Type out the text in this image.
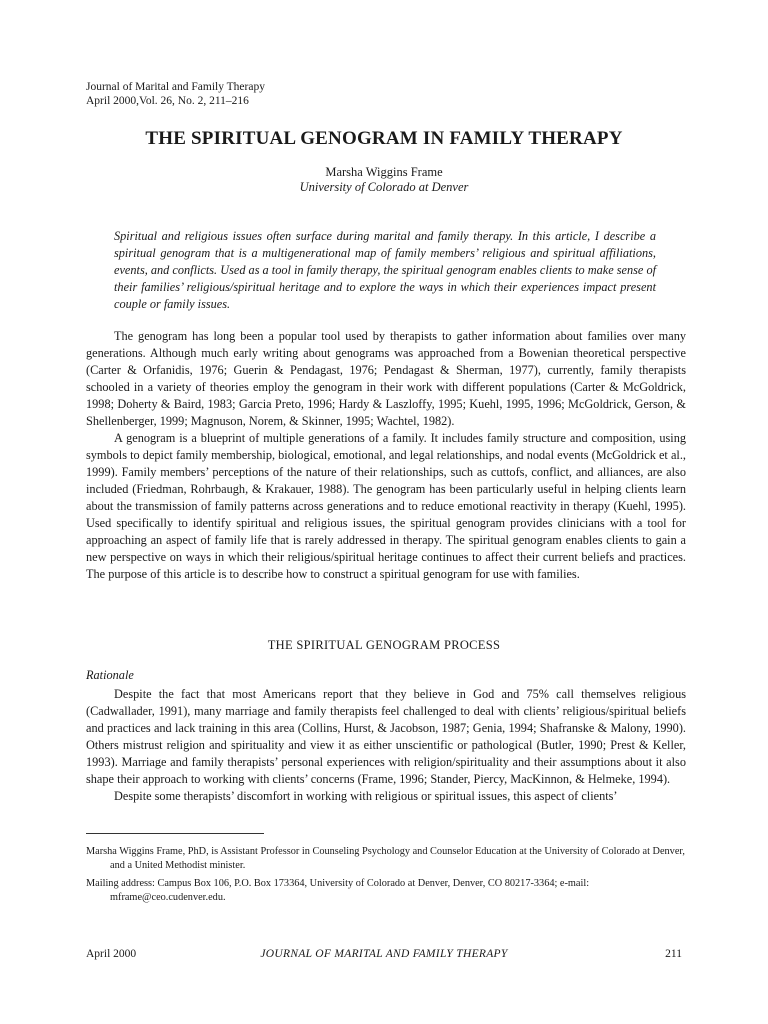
Journal of Marital and Family Therapy
April 2000,Vol. 26, No. 2, 211–216
THE SPIRITUAL GENOGRAM IN FAMILY THERAPY
Marsha Wiggins Frame
University of Colorado at Denver
Spiritual and religious issues often surface during marital and family therapy. In this article, I describe a spiritual genogram that is a multigenerational map of family members’ religious and spiritual affiliations, events, and conflicts. Used as a tool in family therapy, the spiritual genogram enables clients to make sense of their families’ religious/spiritual heritage and to explore the ways in which their experiences impact present couple or family issues.

The genogram has long been a popular tool used by therapists to gather information about families over many generations. Although much early writing about genograms was approached from a Bowenian theoretical perspective (Carter & Orfanidis, 1976; Guerin & Pendagast, 1976; Pendagast & Sherman, 1977), currently, family therapists schooled in a variety of theories employ the genogram in their work with different populations (Carter & McGoldrick, 1998; Doherty & Baird, 1983; Garcia Preto, 1996; Hardy & Laszloffy, 1995; Kuehl, 1995, 1996; McGoldrick, Gerson, & Shellenberger, 1999; Magnuson, Norem, & Skinner, 1995; Wachtel, 1982).

A genogram is a blueprint of multiple generations of a family. It includes family structure and composition, using symbols to depict family membership, biological, emotional, and legal relationships, and nodal events (McGoldrick et al., 1999). Family members’ perceptions of the nature of their relationships, such as cuttofs, conflict, and alliances, are also included (Friedman, Rohrbaugh, & Krakauer, 1988). The genogram has been particularly useful in helping clients learn about the transmission of family patterns across generations and to reduce emotional reactivity in therapy (Kuehl, 1995). Used specifically to identify spiritual and religious issues, the spiritual genogram provides clinicians with a tool for approaching an aspect of family life that is rarely addressed in therapy. The spiritual genogram enables clients to gain a new perspective on ways in which their religious/spiritual heritage continues to affect their current beliefs and practices. The purpose of this article is to describe how to construct a spiritual genogram for use with families.

THE SPIRITUAL GENOGRAM PROCESS
Rationale

Despite the fact that most Americans report that they believe in God and 75% call themselves religious (Cadwallader, 1991), many marriage and family therapists feel challenged to deal with clients’ religious/spiritual beliefs and practices and lack training in this area (Collins, Hurst, & Jacobson, 1987; Genia, 1994; Shafranske & Malony, 1990). Others mistrust religion and spirituality and view it as either unscientific or pathological (Butler, 1990; Prest & Keller, 1993). Marriage and family therapists’ personal experiences with religion/spirituality and their assumptions about it also shape their approach to working with clients’ concerns (Frame, 1996; Stander, Piercy, MacKinnon, & Helmeke, 1994).

Despite some therapists’ discomfort in working with religious or spiritual issues, this aspect of clients’

Marsha Wiggins Frame, PhD, is Assistant Professor in Counseling Psychology and Counselor Education at the University of Colorado at Denver, and a United Methodist minister.

Mailing address: Campus Box 106, P.O. Box 173364, University of Colorado at Denver, Denver, CO 80217-3364; e-mail: mframe@ceo.cudenver.edu.

April 2000	JOURNAL OF MARITAL AND FAMILY THERAPY	211
